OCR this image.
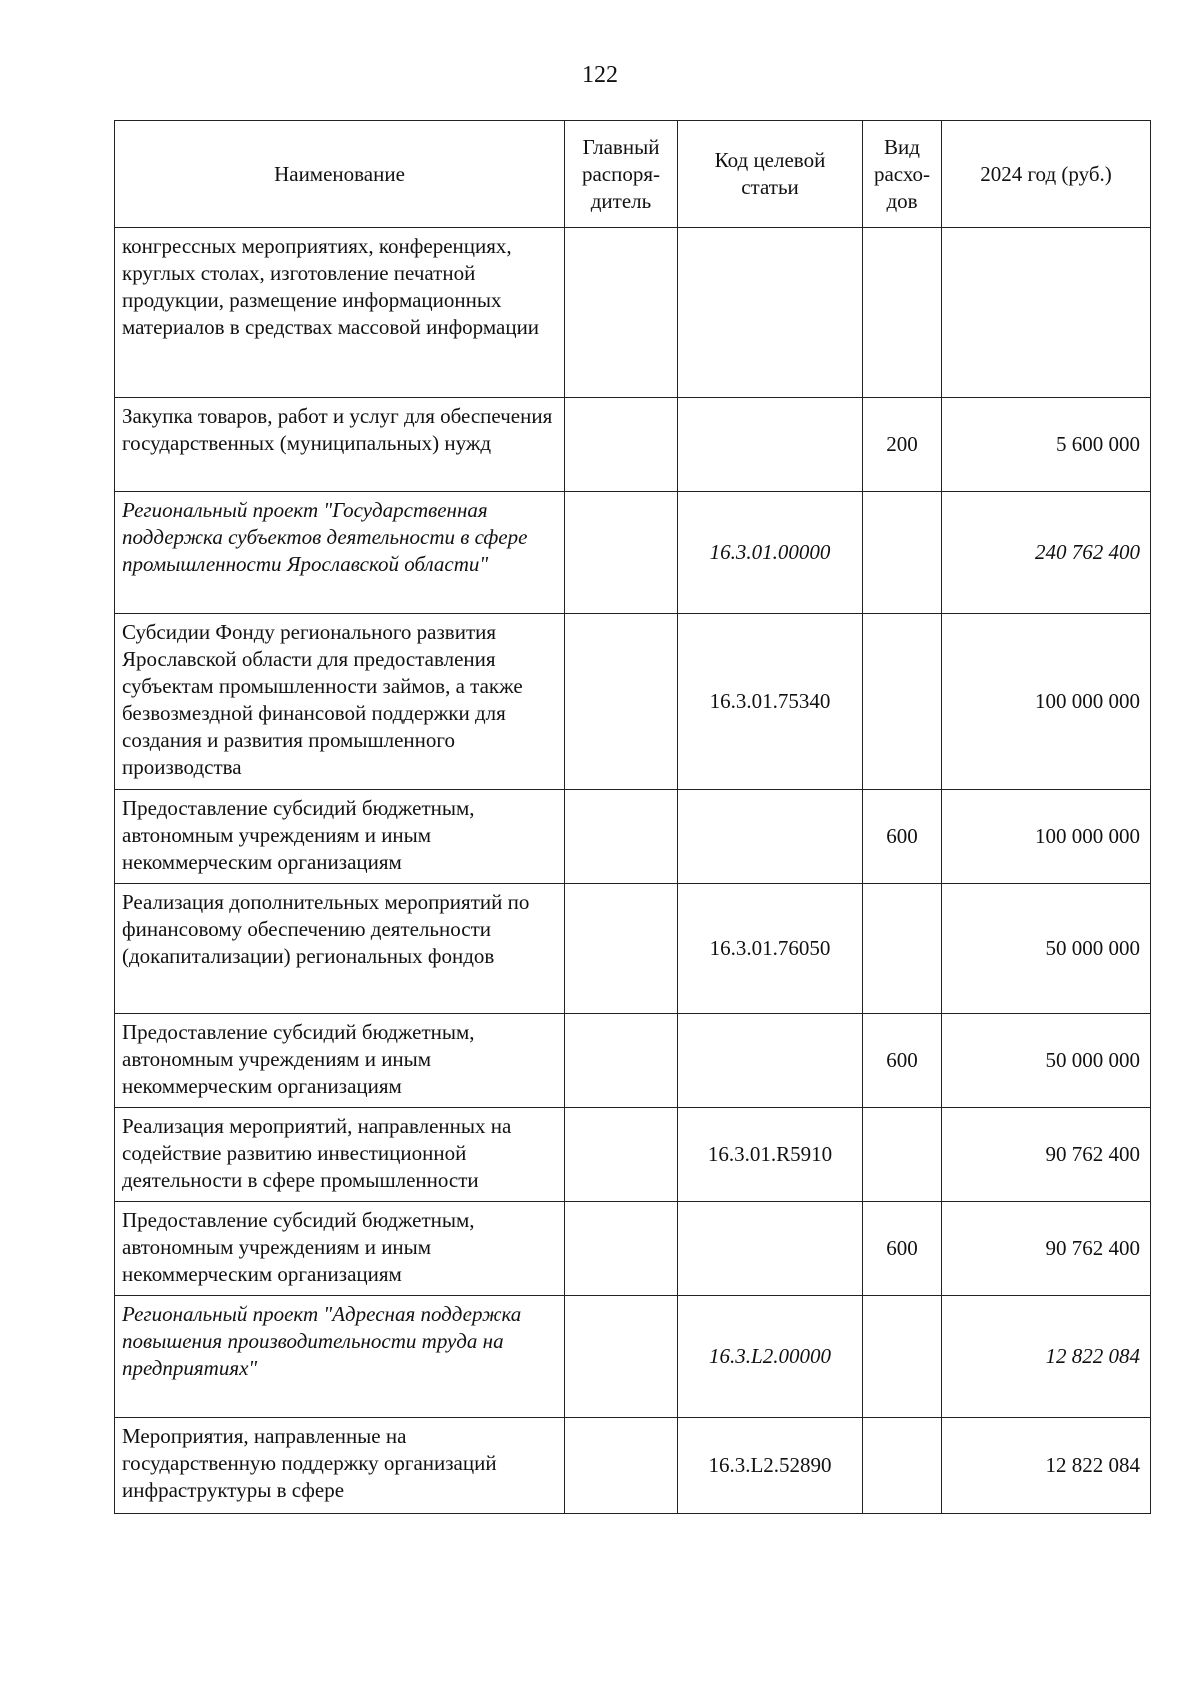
122
Наименование	Главный распоря-дитель	Код целевой статьи	Вид расхо-дов	2024 год (руб.)
конгрессных мероприятиях, конференциях, круглых столах, изготовление печатной продукции, размещение информационных материалов в средствах массовой информации				
Закупка товаров, работ и услуг для обеспечения государственных (муниципальных) нужд			200	5 600 000
Региональный проект "Государственная поддержка субъектов деятельности в сфере промышленности Ярославской области"		16.3.01.00000		240 762 400
Субсидии Фонду регионального развития Ярославской области для предоставления субъектам промышленности займов, а также безвозмездной финансовой поддержки для создания и развития промышленного производства		16.3.01.75340		100 000 000
Предоставление субсидий бюджетным, автономным учреждениям и иным некоммерческим организациям			600	100 000 000
Реализация дополнительных мероприятий по финансовому обеспечению деятельности (докапитализации) региональных фондов		16.3.01.76050		50 000 000
Предоставление субсидий бюджетным, автономным учреждениям и иным некоммерческим организациям			600	50 000 000
Реализация мероприятий, направленных на содействие развитию инвестиционной деятельности в сфере промышленности		16.3.01.R5910		90 762 400
Предоставление субсидий бюджетным, автономным учреждениям и иным некоммерческим организациям			600	90 762 400
Региональный проект "Адресная поддержка повышения производительности труда на предприятиях"		16.3.L2.00000		12 822 084
Мероприятия, направленные на государственную поддержку организаций инфраструктуры в сфере		16.3.L2.52890		12 822 084
